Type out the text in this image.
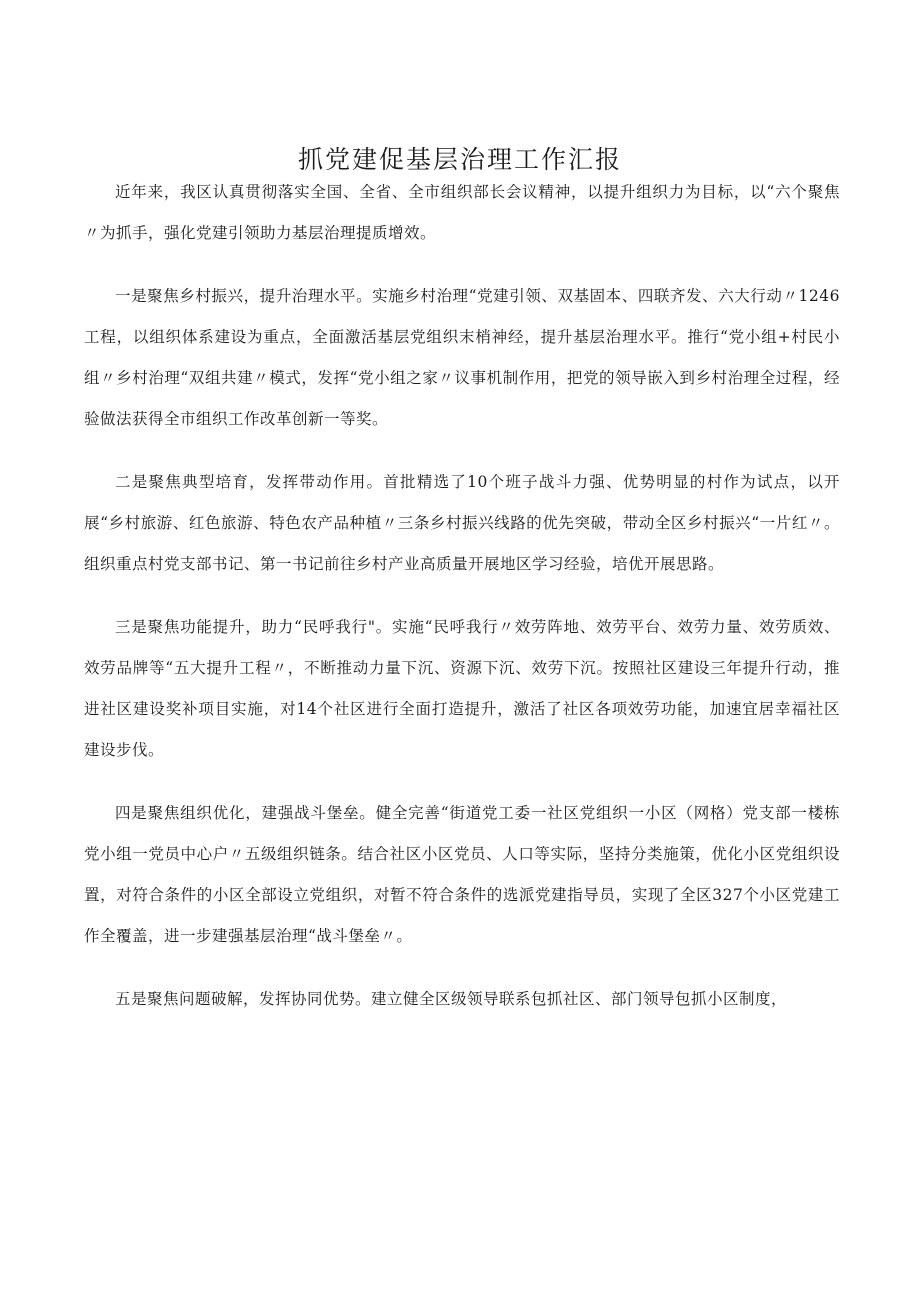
抓党建促基层治理工作汇报

近年来，我区认真贯彻落实全国、全省、全市组织部长会议精神，以提升组织力为目标，以“六个聚焦〃为抓手，强化党建引领助力基层治理提质增效。

一是聚焦乡村振兴，提升治理水平。实施乡村治理“党建引领、双基固本、四联齐发、六大行动〃1246工程，以组织体系建设为重点，全面激活基层党组织末梢神经，提升基层治理水平。推行“党小组+村民小组〃乡村治理“双组共建〃模式，发挥“党小组之家〃议事机制作用，把党的领导嵌入到乡村治理全过程，经验做法获得全市组织工作改革创新一等奖。

二是聚焦典型培育，发挥带动作用。首批精选了10个班子战斗力强、优势明显的村作为试点，以开展“乡村旅游、红色旅游、特色农产品种植〃三条乡村振兴线路的优先突破，带动全区乡村振兴“一片红〃。组织重点村党支部书记、第一书记前往乡村产业高质量开展地区学习经验，培优开展思路。

三是聚焦功能提升，助力“民呼我行"。实施“民呼我行〃效劳阵地、效劳平台、效劳力量、效劳质效、效劳品牌等“五大提升工程〃，不断推动力量下沉、资源下沉、效劳下沉。按照社区建设三年提升行动，推进社区建设奖补项目实施，对14个社区进行全面打造提升，激活了社区各项效劳功能，加速宜居幸福社区建设步伐。

四是聚焦组织优化，建强战斗堡垒。健全完善“街道党工委一社区党组织一小区（网格）党支部一楼栋党小组一党员中心户〃五级组织链条。结合社区小区党员、人口等实际，坚持分类施策，优化小区党组织设置，对符合条件的小区全部设立党组织，对暂不符合条件的选派党建指导员，实现了全区327个小区党建工作全覆盖，进一步建强基层治理“战斗堡垒〃。

五是聚焦问题破解，发挥协同优势。建立健全区级领导联系包抓社区、部门领导包抓小区制度，
